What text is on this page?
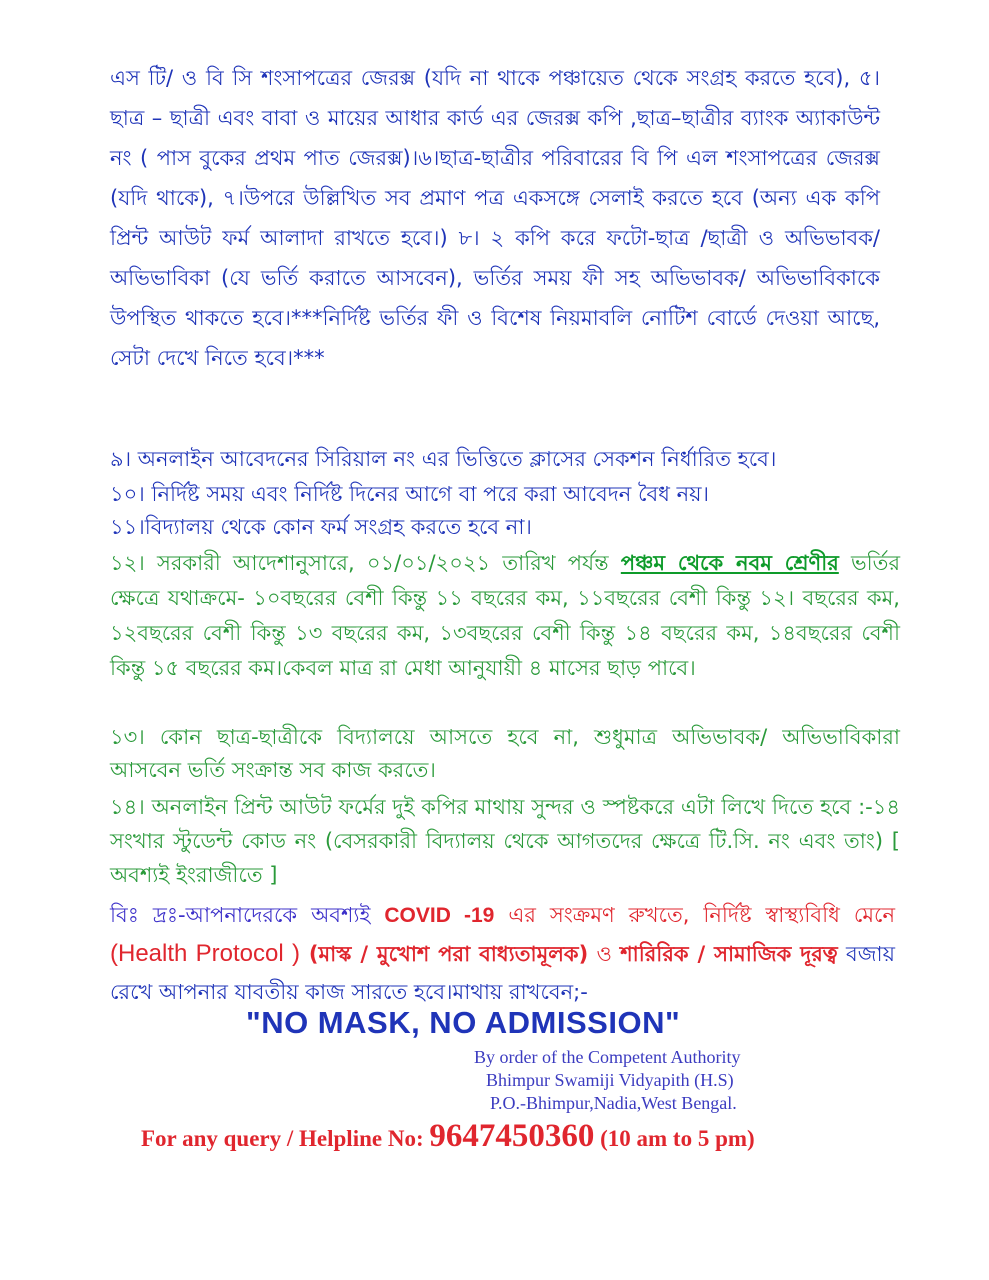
এস টি/ ও বি সি শংসাপত্রের জেরক্স (যদি না থাকে পঞ্চায়েত থেকে সংগ্রহ করতে হবে), ৫।ছাত্র – ছাত্রী এবং বাবা ও মায়ের আধার কার্ড এর জেরক্স কপি ,ছাত্র–ছাত্রীর ব্যাংক অ্যাকাউন্ট নং ( পাস বুকের প্রথম পাত জেরক্স)।৬।ছাত্র-ছাত্রীর পরিবারের বি পি এল শংসাপত্রের জেরক্স (যদি থাকে), ৭।উপরে উল্লিখিত সব প্রমাণ পত্র একসঙ্গে সেলাই করতে হবে (অন্য এক কপি প্রিন্ট আউট ফর্ম আলাদা রাখতে হবে।) ৮। ২ কপি করে ফটো-ছাত্র /ছাত্রী ও অভিভাবক/ অভিভাবিকা (যে ভর্তি করাতে আসবেন), ভর্তির সময় ফী সহ অভিভাবক/ অভিভাবিকাকে উপস্থিত থাকতে হবে।***নির্দিষ্ট ভর্তির ফী ও বিশেষ নিয়মাবলি নোটিশ বোর্ডে দেওয়া আছে, সেটা দেখে নিতে হবে।***

৯। অনলাইন আবেদনের সিরিয়াল নং এর ভিত্তিতে ক্লাসের সেকশন নির্ধারিত হবে।

১০। নির্দিষ্ট সময় এবং নির্দিষ্ট দিনের আগে বা পরে করা আবেদন বৈধ নয়।

১১।বিদ্যালয় থেকে কোন ফর্ম সংগ্রহ করতে হবে না।

১২। সরকারী আদেশানুসারে, ০১/০১/২০২১ তারিখ পর্যন্ত পঞ্চম থেকে নবম শ্রেণীর ভর্তির ক্ষেত্রে যথাক্রমে- ১০বছরের বেশী কিন্তু ১১ বছরের কম, ১১বছরের বেশী কিন্তু ১২। বছরের কম, ১২বছরের বেশী কিন্তু ১৩ বছরের কম, ১৩বছরের বেশী কিন্তু ১৪ বছরের কম, ১৪বছরের বেশী কিন্তু ১৫ বছরের কম।কেবল মাত্র রা মেধা আনুযায়ী ৪ মাসের ছাড় পাবে।

১৩। কোন ছাত্র-ছাত্রীকে বিদ্যালয়ে আসতে হবে না, শুধুমাত্র অভিভাবক/ অভিভাবিকারা আসবেন ভর্তি সংক্রান্ত সব কাজ করতে।

১৪। অনলাইন প্রিন্ট আউট ফর্মের দুই কপির মাথায় সুন্দর ও স্পষ্টকরে এটা লিখে দিতে হবে :-১৪ সংখার স্টুডেন্ট কোড নং (বেসরকারী বিদ্যালয় থেকে আগতদের ক্ষেত্রে টি.সি. নং এবং তাং) [ অবশ্যই ইংরাজীতে ]

বিঃ দ্রঃ-আপনাদেরকে অবশ্যই COVID -19 এর সংক্রমণ রুখতে, নির্দিষ্ট স্বাস্থ্যবিধি মেনে (Health Protocol ) (মাস্ক / মুখোশ পরা বাধ্যতামূলক) ও শারিরিক / সামাজিক দূরত্ব বজায় রেখে আপনার যাবতীয় কাজ সারতে হবে।মাথায় রাখবেন;-

"NO MASK, NO ADMISSION"
By order of the Competent Authority
Bhimpur Swamiji Vidyapith (H.S)
P.O.-Bhimpur,Nadia,West Bengal.
For any query / Helpline No: 9647450360 (10 am to 5 pm)
